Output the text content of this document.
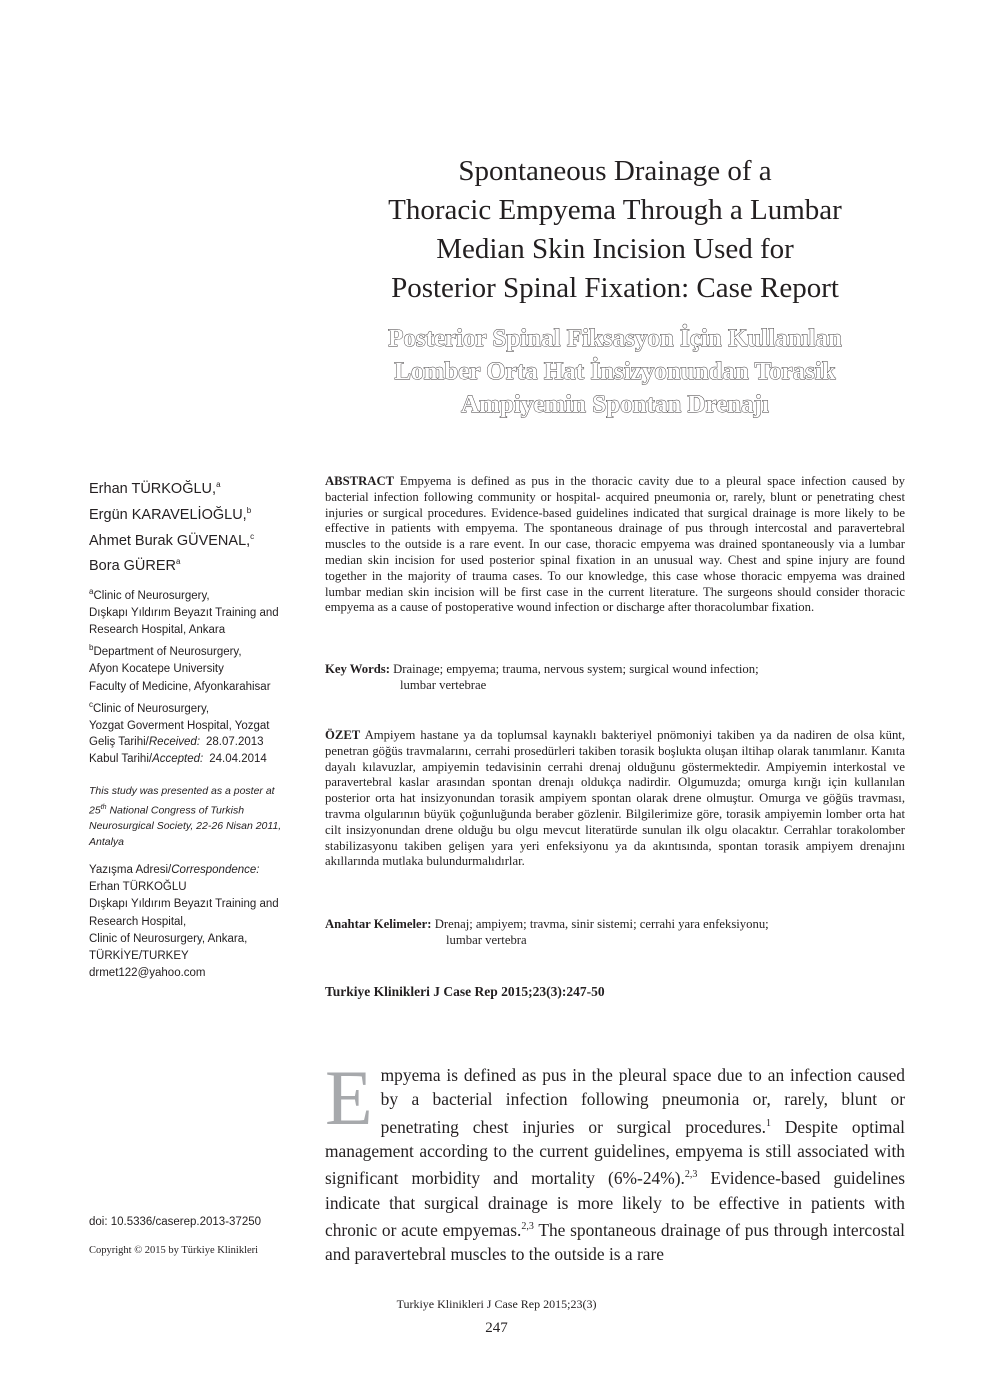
Spontaneous Drainage of a
Thoracic Empyema Through a Lumbar
Median Skin Incision Used for
Posterior Spinal Fixation: Case Report
Posterior Spinal Fiksasyon İçin Kullanılan
Lomber Orta Hat İnsizyonundan Torasik
Ampiyemin Spontan Drenajı
Erhan TÜRKOĞLU,$^a$
Ergün KARAVELİOĞLU,$^b$
Ahmet Burak GÜVENAL,$^c$
Bora GÜRER$^a$
$^a$Clinic of Neurosurgery,
Dışkapı Yıldırım Beyazıt Training and
Research Hospital, Ankara
$^b$Department of Neurosurgery,
Afyon Kocatepe University
Faculty of Medicine, Afyonkarahisar
$^c$Clinic of Neurosurgery,
Yozgat Goverment Hospital, Yozgat
Geliş Tarihi/Received: 28.07.2013
Kabul Tarihi/Accepted: 24.04.2014
This study was presented as a poster at
25th National Congress of Turkish
Neurosurgical Society, 22-26 Nisan 2011,
Antalya
Yazışma Adresi/Correspondence:
Erhan TÜRKOĞLU
Dışkapı Yıldırım Beyazıt Training and
Research Hospital,
Clinic of Neurosurgery, Ankara,
TÜRKİYE/TURKEY
drmet122@yahoo.com
doi: 10.5336/caserep.2013-37250
Copyright © 2015 by Türkiye Klinikleri
ABSTRACT Empyema is defined as pus in the thoracic cavity due to a pleural space infection caused by bacterial infection following community or hospital- acquired pneumonia or, rarely, blunt or penetrating chest injuries or surgical procedures. Evidence-based guidelines indicated that surgical drainage is more likely to be effective in patients with empyema. The spontaneous drainage of pus through intercostal and paravertebral muscles to the outside is a rare event. In our case, thoracic empyema was drained spontaneously via a lumbar median skin incision for used posterior spinal fixation in an unusual way. Chest and spine injury are found together in the majority of trauma cases. To our knowledge, this case whose thoracic empyema was drained lumbar median skin incision will be first case in the current literature. The surgeons should consider thoracic empyema as a cause of postoperative wound infection or discharge after thoracolumbar fixation.
Key Words: Drainage; empyema; trauma, nervous system; surgical wound infection;
lumbar vertebrae
ÖZET Ampiyem hastane ya da toplumsal kaynaklı bakteriyel pnömoniyi takiben ya da nadiren de olsa künt, penetran göğüs travmalarını, cerrahi prosedürleri takiben torasik boşlukta oluşan iltihap olarak tanımlanır. Kanıta dayalı kılavuzlar, ampiyemin tedavisinin cerrahi drenaj olduğunu göstermektedir. Ampiyemin interkostal ve paravertebral kaslar arasından spontan drenajı oldukça nadirdir. Olgumuzda; omurga kırığı için kullanılan posterior orta hat insizyonundan torasik ampiyem spontan olarak drene olmuştur. Omurga ve göğüs travması, travma olgularının büyük çoğunluğunda beraber gözlenir. Bilgilerimize göre, torasik ampiyemin lomber orta hat cilt insizyonundan drene olduğu bu olgu mevcut literatürde sunulan ilk olgu olacaktır. Cerrahlar torakolomber stabilizasyonu takiben gelişen yara yeri enfeksiyonu ya da akıntısında, spontan torasik ampiyem drenajını akıllarında mutlaka bulundurmalıdırlar.
Anahtar Kelimeler: Drenaj; ampiyem; travma, sinir sistemi; cerrahi yara enfeksiyonu;
lumbar vertebra
Turkiye Klinikleri J Case Rep 2015;23(3):247-50
Empyema is defined as pus in the pleural space due to an infection caused by a bacterial infection following pneumonia or, rarely, blunt or penetrating chest injuries or surgical procedures.$^1$ Despite optimal management according to the current guidelines, empyema is still associated with significant morbidity and mortality (6%-24%).$^{2,3}$ Evidence-based guidelines indicate that surgical drainage is more likely to be effective in patients with chronic or acute empyemas.$^{2,3}$ The spontaneous drainage of pus through intercostal and paravertebral muscles to the outside is a rare
Turkiye Klinikleri J Case Rep 2015;23(3)
247
